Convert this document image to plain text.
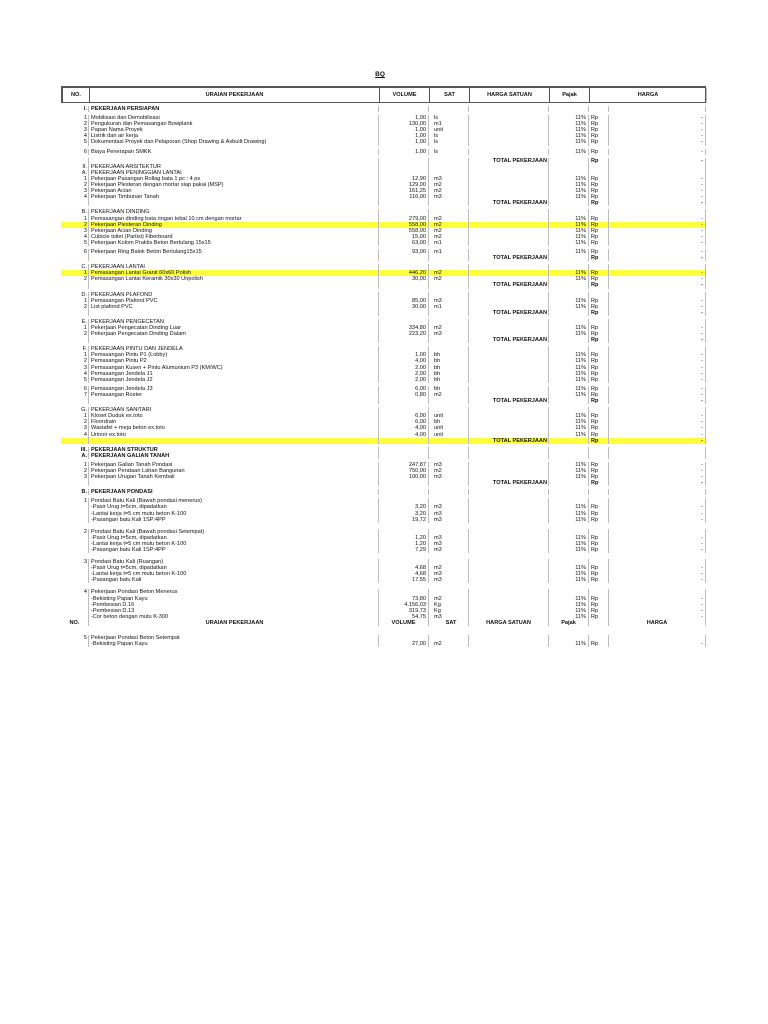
BQ
NO.	URAIAN PEKERJAAN	VOLUME	SAT	HARGA SATUAN	Pajak	HARGA
I. PEKERJAAN PERSIAPAN
1 Mobilisasi dan Demobilisasi	1,00	ls	11% Rp	-
2 Pengukuran dan Pemasangan Bowplank	130,00	m1	11% Rp	-
3 Papan Nama Proyek	1,00	unit	11% Rp	-
4 Listrik dan air kerja	1,00	ls	11% Rp	-
5 Dokumentasi Proyek dan Pelaporan (Shop Drawing & Asbuilt Drawing)	1,00	ls	11% Rp	-
6 Biaya Penerapan SMKK	1,00	ls	11% Rp	-
TOTAL PEKERJAAN	Rp	-
II. PEKERJAAN ARSITEKTUR
A. PEKERJAAN PENINGGIAN LANTAI
1 Pekerjaan Pasangan Rollag bata 1 pc : 4 ps	12,90	m3	11% Rp	-
2 Pekerjaan Plesteran dengan mortar siap pakai (MSP)	129,00	m2	11% Rp	-
3 Pekerjaan Acian	161,25	m2	11% Rp	-
4 Pekerjaan Timbunan Tanah	116,00	m3	11% Rp	-
TOTAL PEKERJAAN	Rp	-
B. PEKERJAAN DINDING
1 Pemasangan dinding bata ringan tebal 10 cm dengan mortar	279,00	m2	11% Rp	-
2 Pekerjaan Plesteran Dinding	558,00	m2	11% Rp	-
3 Pekerjaan Acian Dinding	558,00	m2	11% Rp	-
4 Cubicle toilet (Partisi) Fiberboard	15,00	m2	11% Rp	-
5 Pekerjaan Kolom Praktis Beton Bertulang 15x15	63,00	m1	11% Rp	-
6 Pekerjaan Ring Balok Beton Bertulang15x15	93,00	m1	11% Rp	-
TOTAL PEKERJAAN	Rp	-
C. PEKERJAAN LANTAI
1 Pemasangan Lantai Granit 60x60 Polish	446,20	m2	11% Rp	-
2 Pemasangan Lantai Keramik 30x30 Unpolish	30,00	m2	11% Rp	-
TOTAL PEKERJAAN	Rp	-
D. PEKERJAAN PLAFOND
1 Pemasangan Plafond PVC	85,00	m3	11% Rp	-
2 List plafond PVC	30,00	m1	11% Rp	-
TOTAL PEKERJAAN	Rp	-
E. PEKERJAAN PENGECETAN
1 Pekerjaan Pengecatan Dinding Luar	334,80	m2	11% Rp	-
2 Pekerjaan Pengecatan Dinding Dalam	223,20	m3	11% Rp	-
TOTAL PEKERJAAN	Rp	-
F. PEKERJAAN PINTU DAN JENDELA
1 Pemasangan Pintu P1 (Lobby)	1,00	bh	11% Rp	-
2 Pemasangan Pintu P2	4,00	bh	11% Rp	-
3 Pemasangan Kusen + Pintu Alumunium P3 (KM/WC)	2,00	bh	11% Rp	-
4 Pemasangan Jendela J1	2,00	bh	11% Rp	-
5 Pemasangan Jendela J2	2,00	bh	11% Rp	-
6 Pemasangan Jendela J3	6,00	bh	11% Rp	-
7 Pemasangan Roster	0,80	m2	11% Rp	-
TOTAL PEKERJAAN	Rp	-
G. PEKERJAAN SANITARI
1 Kloset Duduk ex.toto	6,00	unit	11% Rp	-
2 Floordrain	6,00	bh	11% Rp	-
3 Wastafel + meja beton ex.toto	4,00	unit	11% Rp	-
4 Urinoir ex.toto	4,00	unit	11% Rp	-
TOTAL PEKERJAAN	Rp	-
III. PEKERJAAN STRUKTUR
A. PEKERJAAN GALIAN TANAH
1 Pekerjaan Galian Tanah Pondasi	247,87	m3	11% Rp	-
2 Pekerjaan Perataan Lahan Bangunan	750,00	m2	11% Rp	-
3 Pekerjaan Urugan Tanah Kembali	100,00	m3	11% Rp	-
TOTAL PEKERJAAN	Rp	-
B. PEKERJAAN PONDASI
1 Pondasi Batu Kali (Bawah pondasi menerus)
-Pasir Urug t=5cm, dipadatkan	3,20	m3	11% Rp	-
-Lantai kerja t=5 cm mutu beton K-100	3,20	m3	11% Rp	-
-Pasangan batu Kali 1SP:4PP	19,72	m3	11% Rp	-
2 Pondasi Batu Kali (Bawah pondasi Setempat)
-Pasir Urug t=5cm, dipadatkan	1,20	m3	11% Rp	-
-Lantai kerja t=5 cm mutu beton K-100	1,20	m3	11% Rp	-
-Pasangan batu Kali 1SP:4PP	7,29	m3	11% Rp	-
3 Pondasi Batu Kali (Ruangan)
-Pasir Urug t=5cm, dipadatkan	4,68	m2	11% Rp	-
-Lantai kerja t=5 cm mutu beton K-100	4,68	m3	11% Rp	-
-Pasangan batu Kali	17,55	m3	11% Rp	-
4 Pekerjaan Pondasi Beton Menerus
-Bekisting Papan Kayu	73,80	m2	11% Rp	-
-Pembesian D.16	4.156,03	Kg	11% Rp	-
-Pembesian D.13	319,73	Kg	11% Rp	-
-Cor beton dengan mutu K-300	54,75	m3	11% Rp	-
NO.	URAIAN PEKERJAAN	VOLUME	SAT	HARGA SATUAN	Pajak	HARGA
5 Pekerjaan Pondasi Beton Setempat
-Bekisting Papan Kayu	27,00	m2	11% Rp	-
